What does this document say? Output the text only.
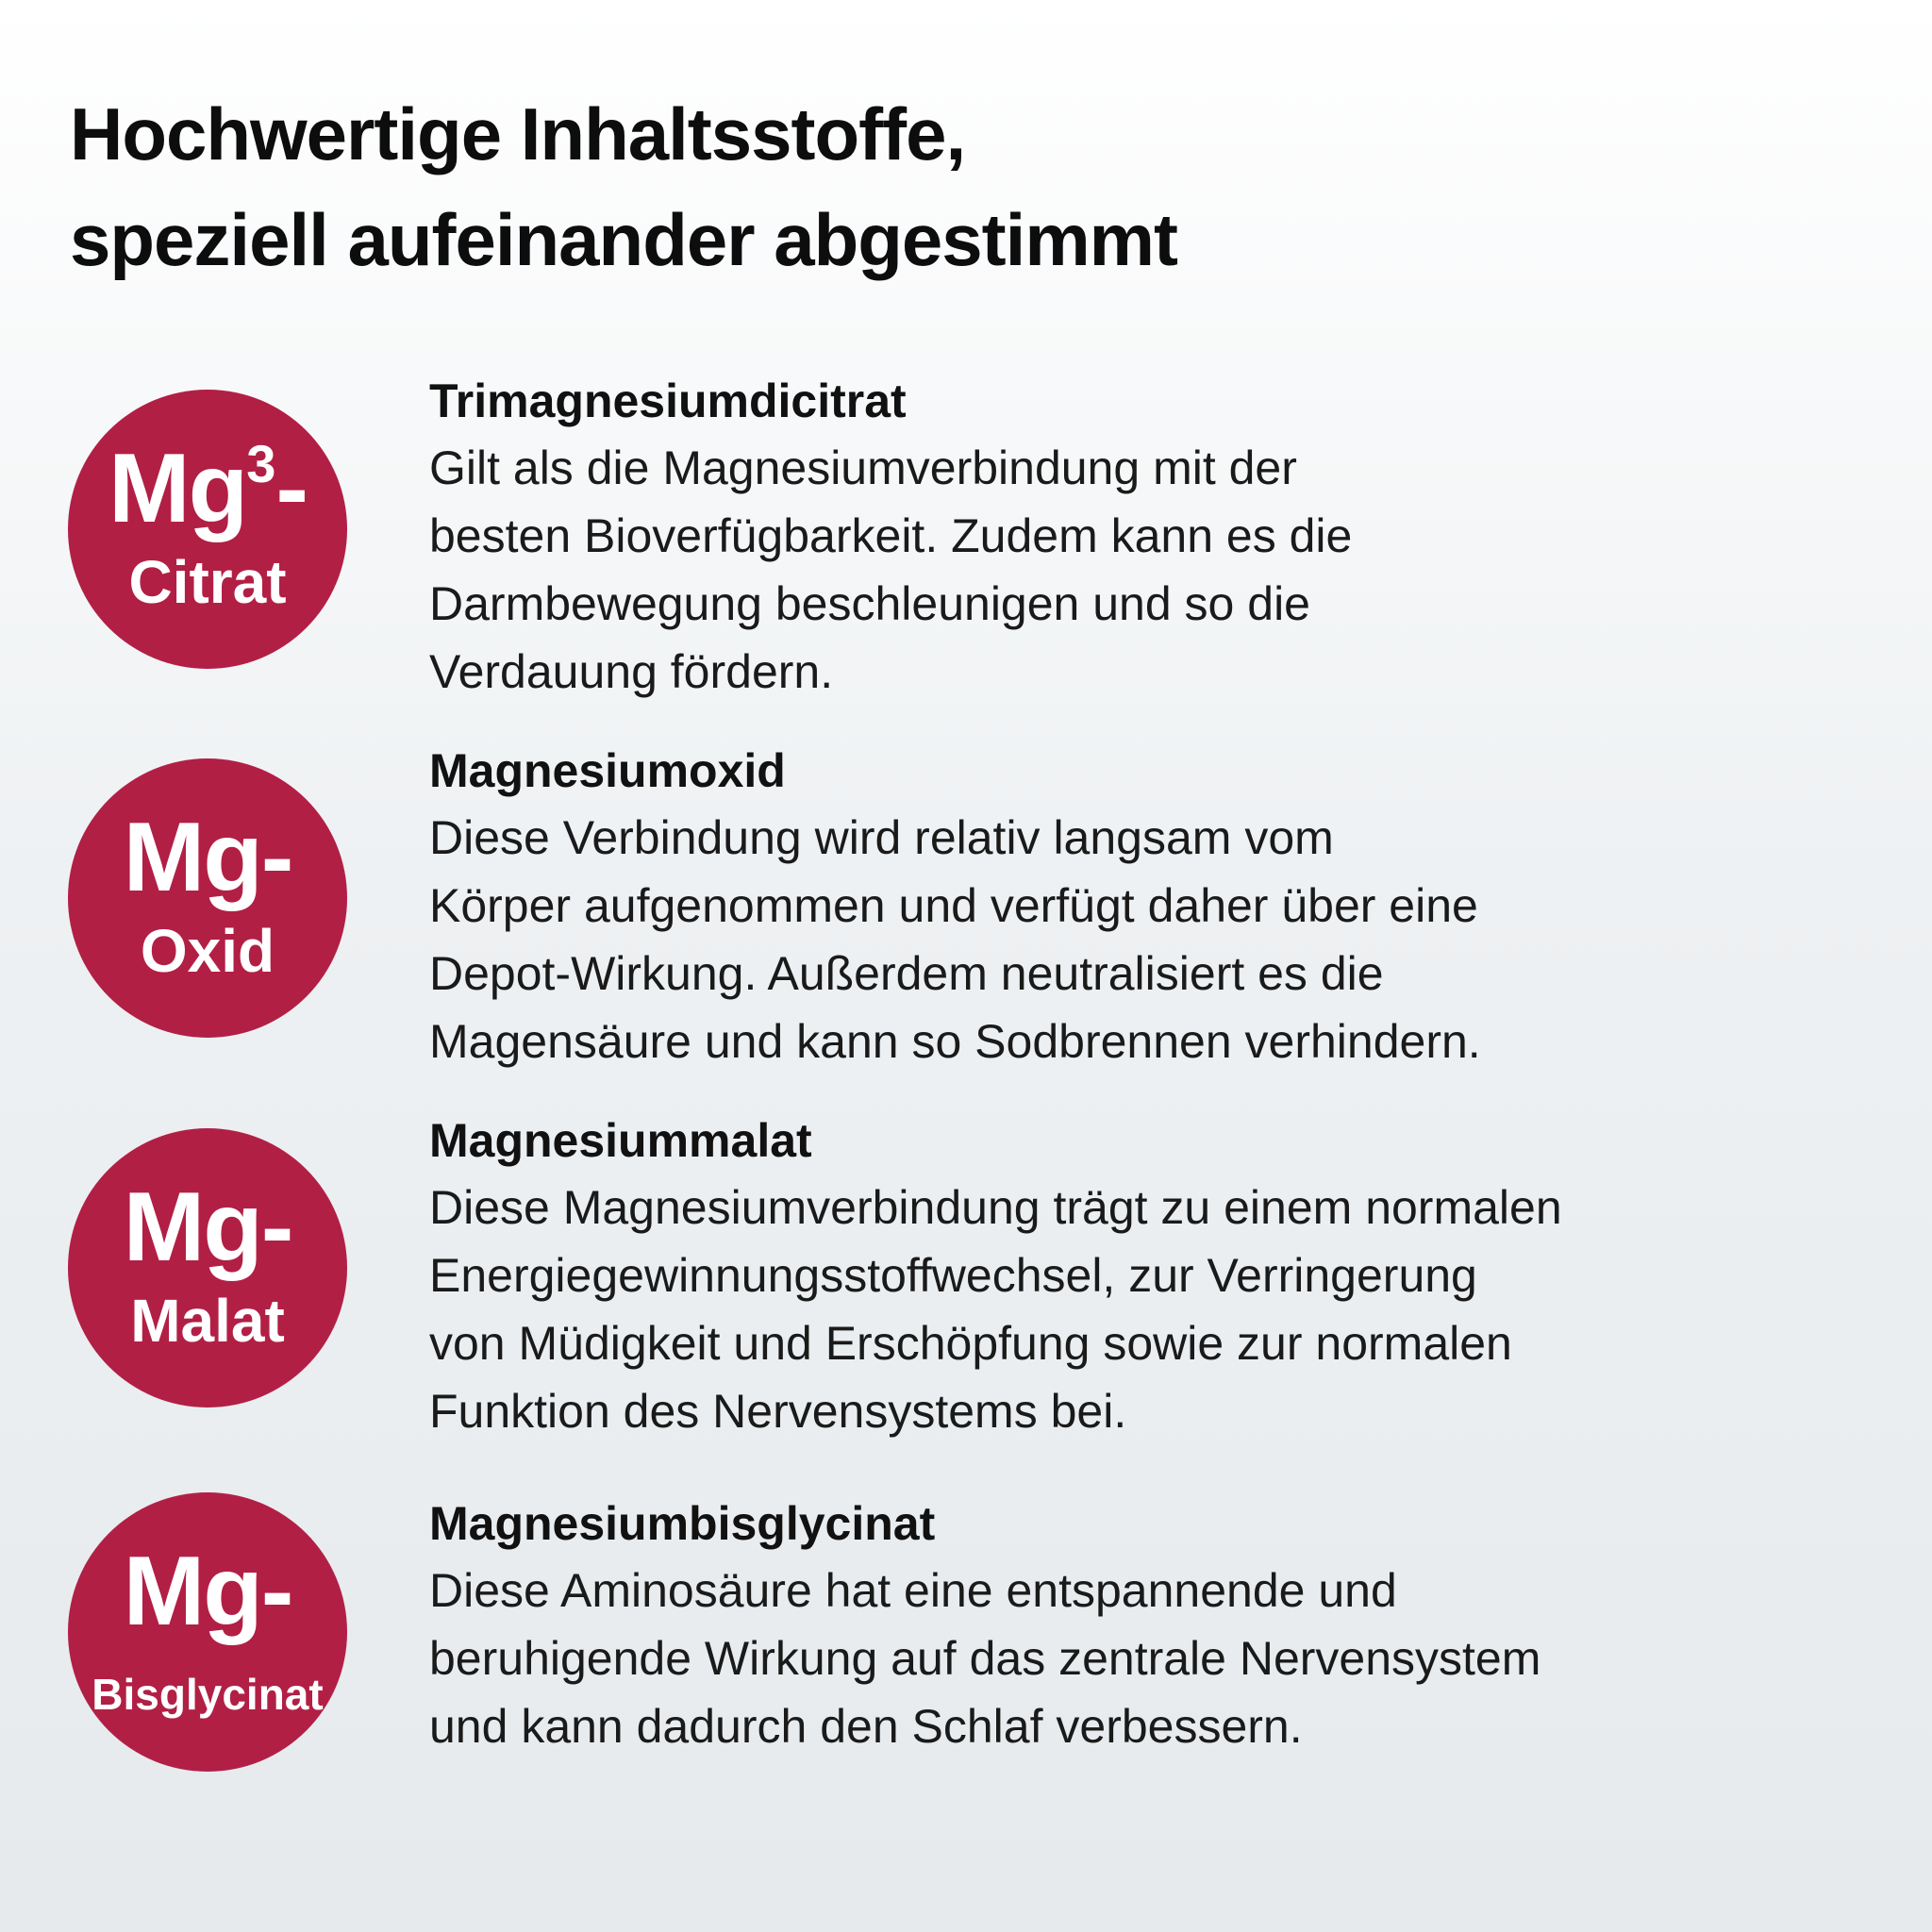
Hochwertige Inhaltsstoffe,
speziell aufeinander abgestimmt
Mg$^3$-
Citrat

Trimagnesiumdicitrat

Gilt als die Magnesiumverbindung mit der
besten Bioverfügbarkeit. Zudem kann es die
Darmbewegung beschleunigen und so die
Verdauung fördern.

Mg-
Oxid

Magnesiumoxid

Diese Verbindung wird relativ langsam vom
Körper aufgenommen und verfügt daher über eine
Depot-Wirkung. Außerdem neutralisiert es die
Magensäure und kann so Sodbrennen verhindern.

Mg-
Malat

Magnesiummalat

Diese Magnesiumverbindung trägt zu einem normalen
Energiegewinnungsstoffwechsel, zur Verringerung
von Müdigkeit und Erschöpfung sowie zur normalen
Funktion des Nervensystems bei.

Mg-
Bisglycinat

Magnesiumbisglycinat

Diese Aminosäure hat eine entspannende und
beruhigende Wirkung auf das zentrale Nervensystem
und kann dadurch den Schlaf verbessern.
